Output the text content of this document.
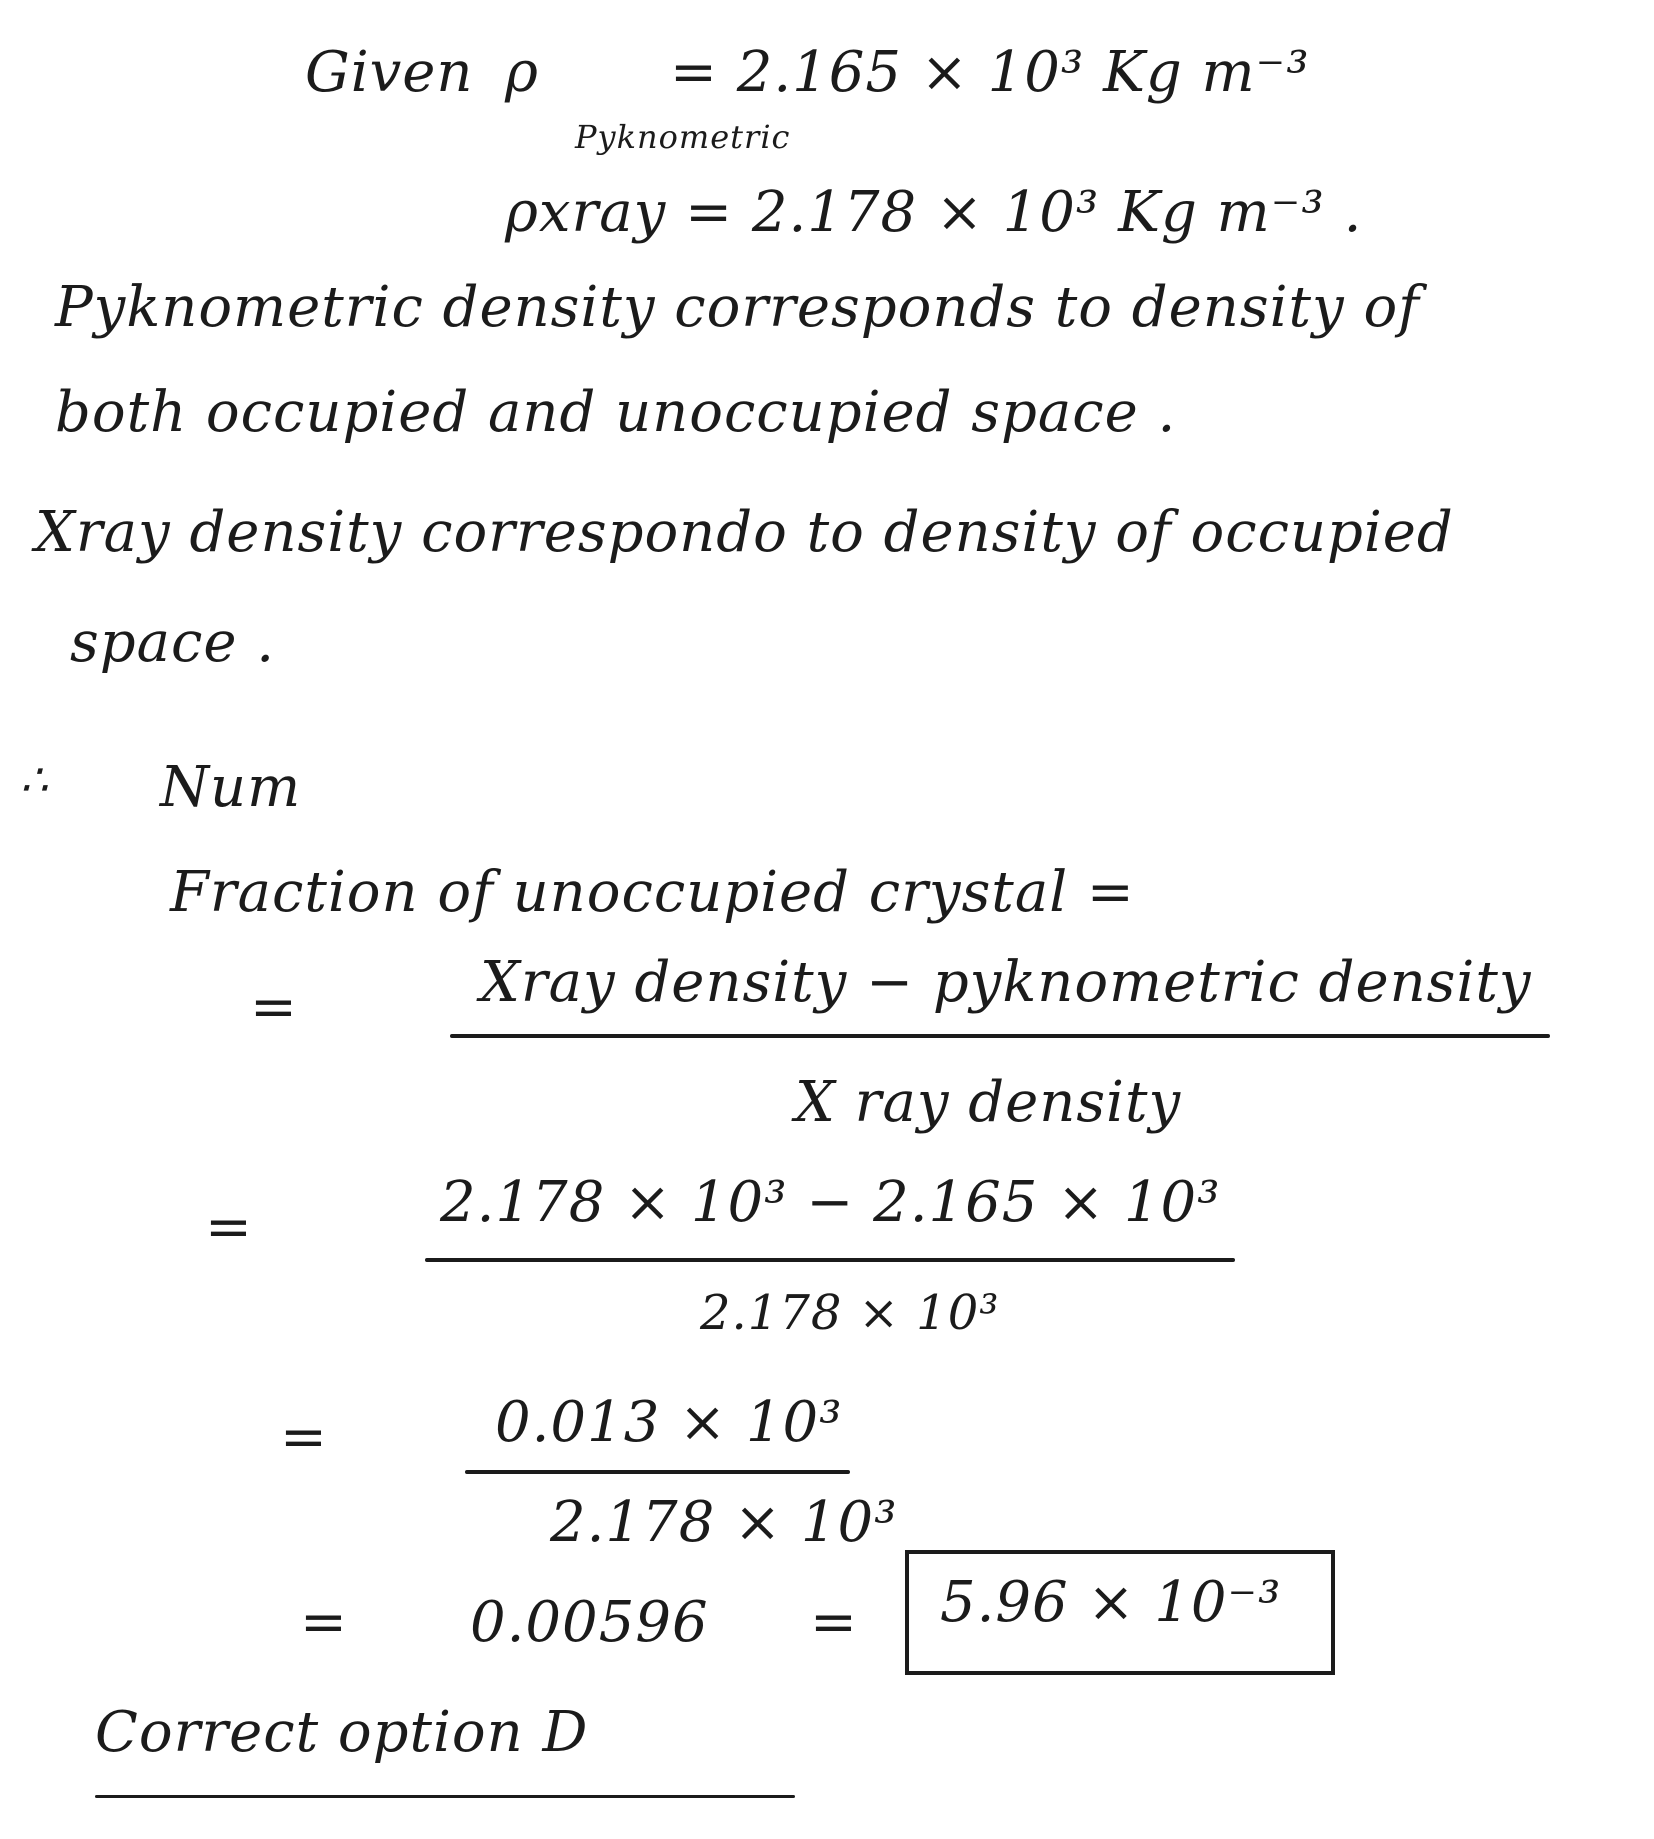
Given ρ
Pyknometric
= 2.165 × 10³ Kg m⁻³
ρxray = 2.178 × 10³ Kg m⁻³ .
Pyknometric density corresponds to density of
both occupied and unoccupied space .
Xray density correspondo to density of occupied
space .
∴ Num
Fraction of unoccupied crystal =
=	Xray density − pyknometric density
X ray density
=	2.178 × 10³ − 2.165 × 10³
2.178 × 10³
=	0.013 × 10³
2.178 × 10³
= 0.00596 = 5.96 × 10⁻³
Correct option D
